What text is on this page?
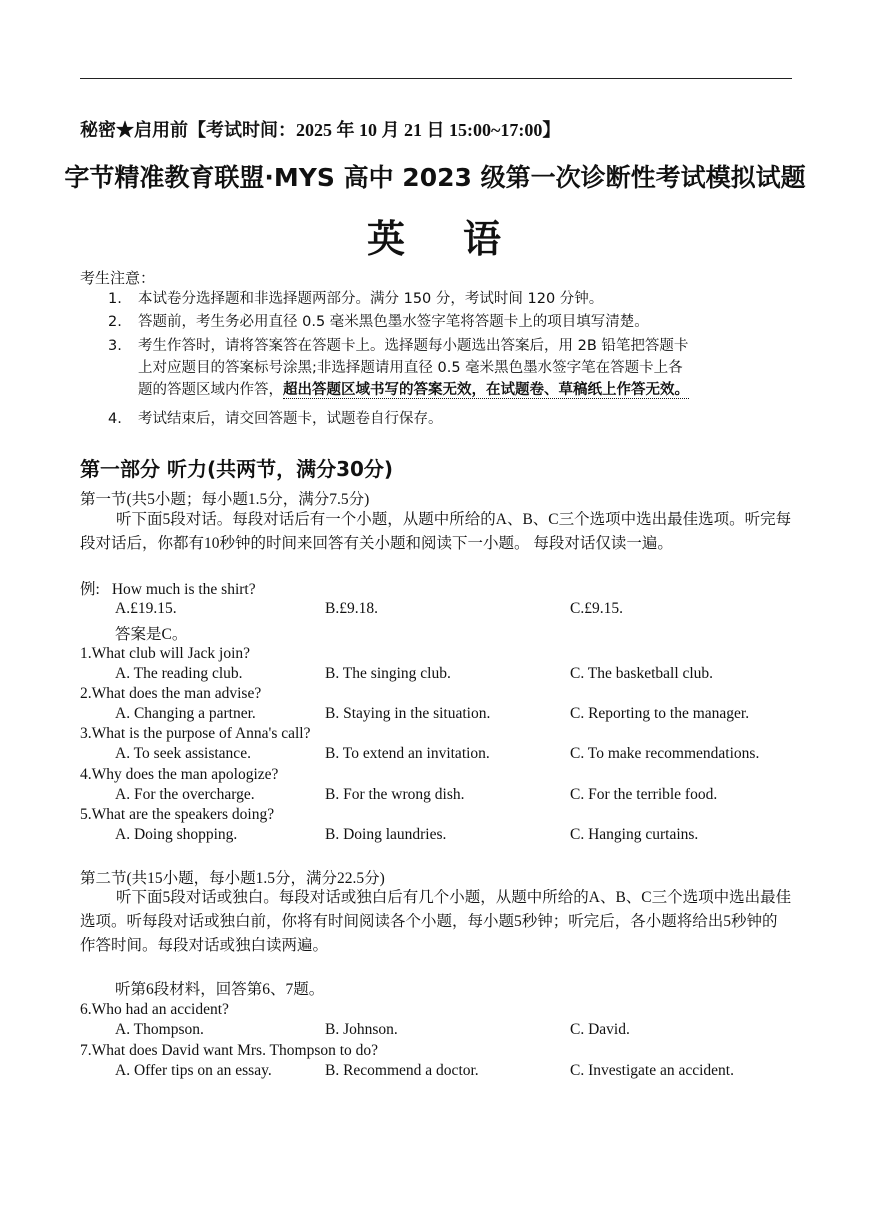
秘密★启用前【考试时间：2025 年 10 月 21 日 15:00~17:00】
字节精准教育联盟·MYS 高中 2023 级第一次诊断性考试模拟试题
英 语
考生注意：
1. 本试卷分选择题和非选择题两部分。满分 150 分，考试时间 120 分钟。
2. 答题前，考生务必用直径 0.5 毫米黑色墨水签字笔将答题卡上的项目填写清楚。
3. 考生作答时，请将答案答在答题卡上。选择题每小题选出答案后，用 2B 铅笔把答题卡
上对应题目的答案标号涂黑;非选择题请用直径 0.5 毫米黑色墨水签字笔在答题卡上各
题的答题区域内作答，超出答题区域书写的答案无效，在试题卷、草稿纸上作答无效。
4. 考试结束后，请交回答题卡，试题卷自行保存。
第一部分 听力(共两节，满分30分)
第一节(共5小题；每小题1.5分，满分7.5分)
听下面5段对话。每段对话后有一个小题，从题中所给的A、B、C三个选项中选出最佳选项。听完每段对话后，你都有10秒钟的时间来回答有关小题和阅读下一小题。 每段对话仅读一遍。
例: How much is the shirt?
A.£19.15.	B.£9.18.	C.£9.15.
答案是C。
1.What club will Jack join?
A. The reading club.	B. The singing club.	C. The basketball club.
2.What does the man advise?
A. Changing a partner.	B. Staying in the situation.	C. Reporting to the manager.
3.What is the purpose of Anna's call?
A. To seek assistance.	B. To extend an invitation.	C. To make recommendations.
4.Why does the man apologize?
A. For the overcharge.	B. For the wrong dish.	C. For the terrible food.
5.What are the speakers doing?
A. Doing shopping.	B. Doing laundries.	C. Hanging curtains.
第二节(共15小题，每小题1.5分，满分22.5分)
听下面5段对话或独白。每段对话或独白后有几个小题，从题中所给的A、B、C三个选项中选出最佳选项。听每段对话或独白前，你将有时间阅读各个小题，每小题5秒钟；听完后，各小题将给出5秒钟的作答时间。每段对话或独白读两遍。
听第6段材料，回答第6、7题。
6.Who had an accident?
A. Thompson.	B. Johnson.	C. David.
7.What does David want Mrs. Thompson to do?
A. Offer tips on an essay.	B. Recommend a doctor.	C. Investigate an accident.
